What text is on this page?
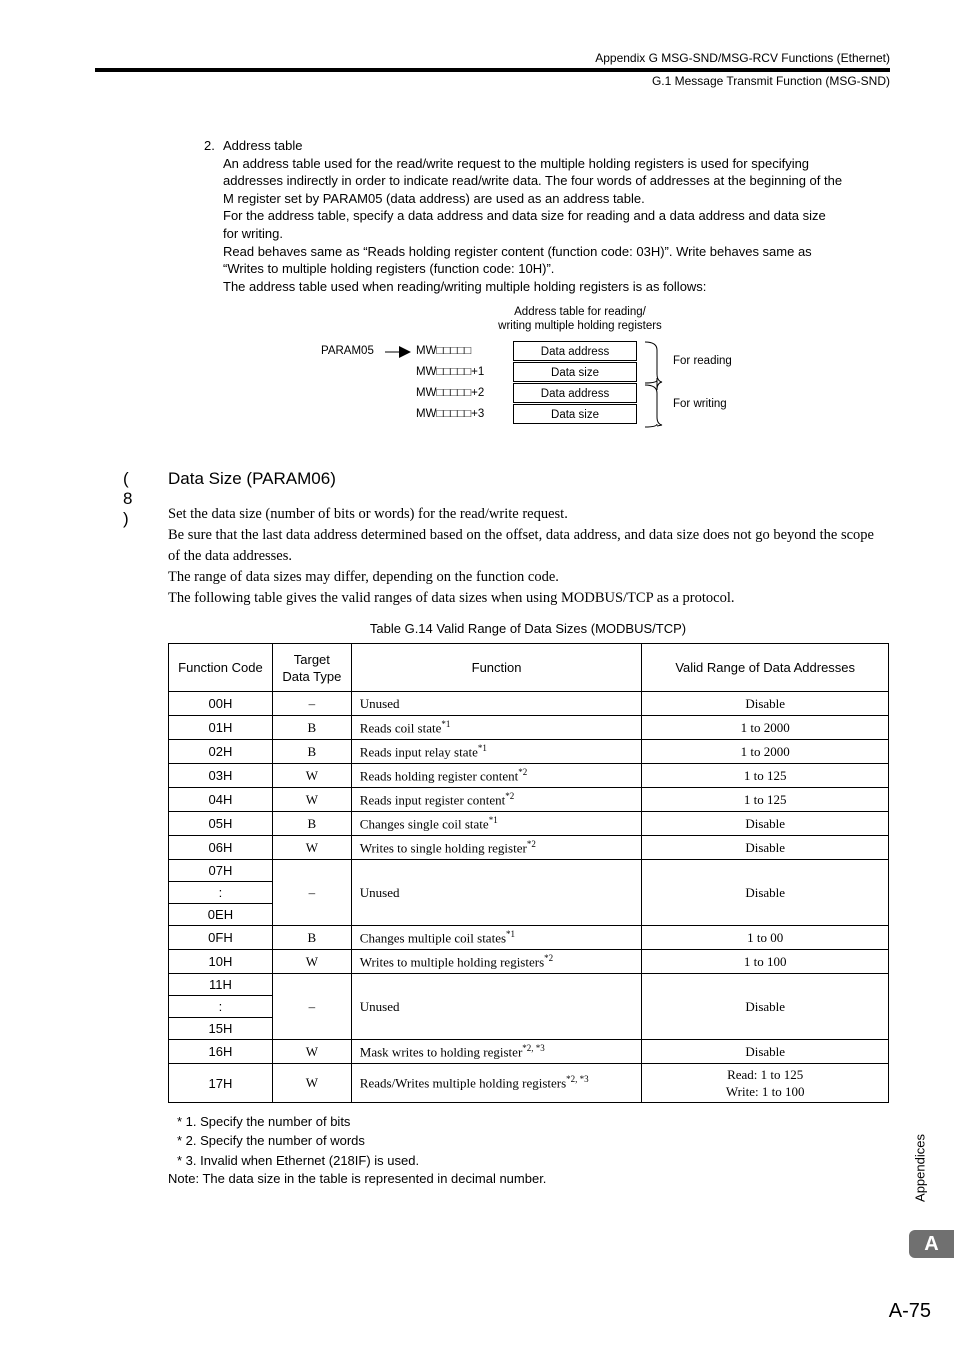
Appendix G MSG-SND/MSG-RCV Functions (Ethernet)
G.1 Message Transmit Function (MSG-SND)
2. Address table

An address table used for the read/write request to the multiple holding registers is used for specifying addresses indirectly in order to indicate read/write data. The four words of addresses at the beginning of the M register set by PARAM05 (data address) are used as an address table.

For the address table, specify a data address and data size for reading and a data address and data size for writing.

Read behaves same as “Reads holding register content (function code: 03H)”. Write behaves same as “Writes to multiple holding registers (function code: 10H)”.

The address table used when reading/writing multiple holding registers is as follows:

Address table for reading/
writing multiple holding registers
PARAM05	MW□□□□□
MW□□□□□+1
MW□□□□□+2
MW□□□□□+3
Data address
Data size
Data address
Data size
For reading
For writing
( 8 )
Data Size (PARAM06)

Set the data size (number of bits or words) for the read/write request.

Be sure that the last data address determined based on the offset, data address, and data size does not go beyond the scope of the data addresses.

The range of data sizes may differ, depending on the function code.

The following table gives the valid ranges of data sizes when using MODBUS/TCP as a protocol.

Table G.14 Valid Range of Data Sizes (MODBUS/TCP)
Function Code	Target
Data Type	Function	Valid Range of Data Addresses
00H	–	Unused	Disable
01H	B	Reads coil state$^{*1}$	1 to 2000
02H	B	Reads input relay state$^{*1}$	1 to 2000
03H	W	Reads holding register content$^{*2}$	1 to 125
04H	W	Reads input register content$^{*2}$	1 to 125
05H	B	Changes single coil state$^{*1}$	Disable
06H	W	Writes to single holding register$^{*2}$	Disable
07H	–	Unused	Disable
:			
0EH			
0FH	B	Changes multiple coil states$^{*1}$	1 to 00
10H	W	Writes to multiple holding registers$^{*2}$	1 to 100
11H	–	Unused	Disable
:			
15H			
16H	W	Mask writes to holding register$^{*2, *3}$	Disable
17H	W	Reads/Writes multiple holding registers$^{*2, *3}$	Read: 1 to 125
Write: 1 to 100
* 1. Specify the number of bits
* 2. Specify the number of words
* 3. Invalid when Ethernet (218IF) is used.
Note: The data size in the table is represented in decimal number.	Appendices
A
A-75
